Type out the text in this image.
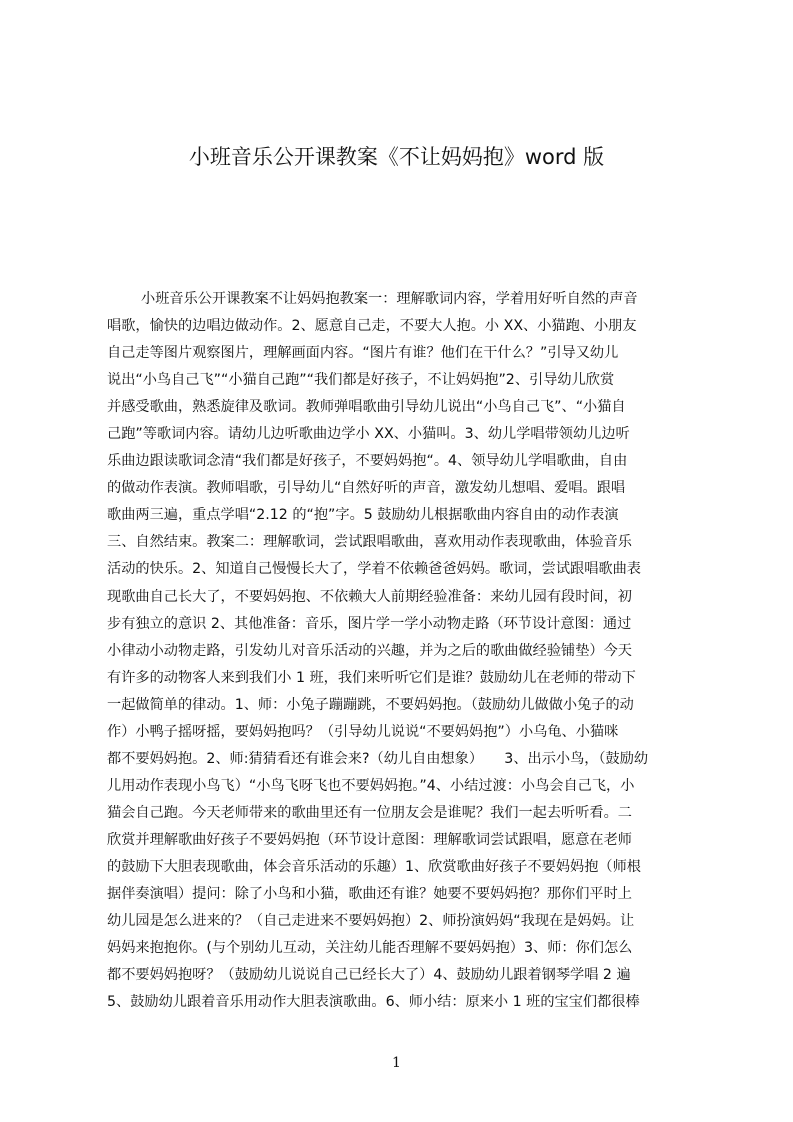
小班音乐公开课教案《不让妈妈抱》word 版
小班音乐公开课教案不让妈妈抱教案一：理解歌词内容，学着用好听自然的声音
唱歌，愉快的边唱边做动作。2、愿意自己走，不要大人抱。小 XX、小猫跑、小朋友
自己走等图片观察图片，理解画面内容。“图片有谁？他们在干什么？”引导又幼儿
说出“小鸟自己飞”“小猫自己跑”“我们都是好孩子，不让妈妈抱”2、引导幼儿欣赏
并感受歌曲，熟悉旋律及歌词。教师弹唱歌曲引导幼儿说出“小鸟自己飞”、“小猫自
己跑”等歌词内容。请幼儿边听歌曲边学小 XX、小猫叫。3、幼儿学唱带领幼儿边听
乐曲边跟读歌词念清“我们都是好孩子，不要妈妈抱“。4、领导幼儿学唱歌曲，自由
的做动作表演。教师唱歌，引导幼儿“自然好听的声音，激发幼儿想唱、爱唱。跟唱
歌曲两三遍，重点学唱“2.12 的“抱”字。5 鼓励幼儿根据歌曲内容自由的动作表演
三、自然结束。教案二：理解歌词，尝试跟唱歌曲，喜欢用动作表现歌曲，体验音乐
活动的快乐。2、知道自己慢慢长大了，学着不依赖爸爸妈妈。歌词，尝试跟唱歌曲表
现歌曲自己长大了，不要妈妈抱、不依赖大人前期经验准备：来幼儿园有段时间，初
步有独立的意识 2、其他准备：音乐，图片学一学小动物走路（环节设计意图：通过
小律动小动物走路，引发幼儿对音乐活动的兴趣，并为之后的歌曲做经验铺垫）今天
有许多的动物客人来到我们小 1 班，我们来听听它们是谁？鼓励幼儿在老师的带动下
一起做简单的律动。1、师：小兔子蹦蹦跳，不要妈妈抱。（鼓励幼儿做做小兔子的动
作）小鸭子摇呀摇，要妈妈抱吗？（引导幼儿说说“不要妈妈抱”）小乌龟、小猫咪
都不要妈妈抱。2、师:猜猜看还有谁会来?（幼儿自由想象）　　3、出示小鸟，（鼓励幼
儿用动作表现小鸟飞）“小鸟飞呀飞也不要妈妈抱。”4、小结过渡：小鸟会自己飞，小
猫会自己跑。今天老师带来的歌曲里还有一位朋友会是谁呢？我们一起去听听看。二
欣赏并理解歌曲好孩子不要妈妈抱（环节设计意图：理解歌词尝试跟唱，愿意在老师
的鼓励下大胆表现歌曲，体会音乐活动的乐趣）1、欣赏歌曲好孩子不要妈妈抱（师根
据伴奏演唱）提问：除了小鸟和小猫，歌曲还有谁？她要不要妈妈抱？那你们平时上
幼儿园是怎么进来的？（自己走进来不要妈妈抱）2、师扮演妈妈“我现在是妈妈。让
妈妈来抱抱你。(与个别幼儿互动，关注幼儿能否理解不要妈妈抱）3、师：你们怎么
都不要妈妈抱呀？（鼓励幼儿说说自己已经长大了）4、鼓励幼儿跟着钢琴学唱 2 遍
5、鼓励幼儿跟着音乐用动作大胆表演歌曲。6、师小结：原来小 1 班的宝宝们都很棒
1
